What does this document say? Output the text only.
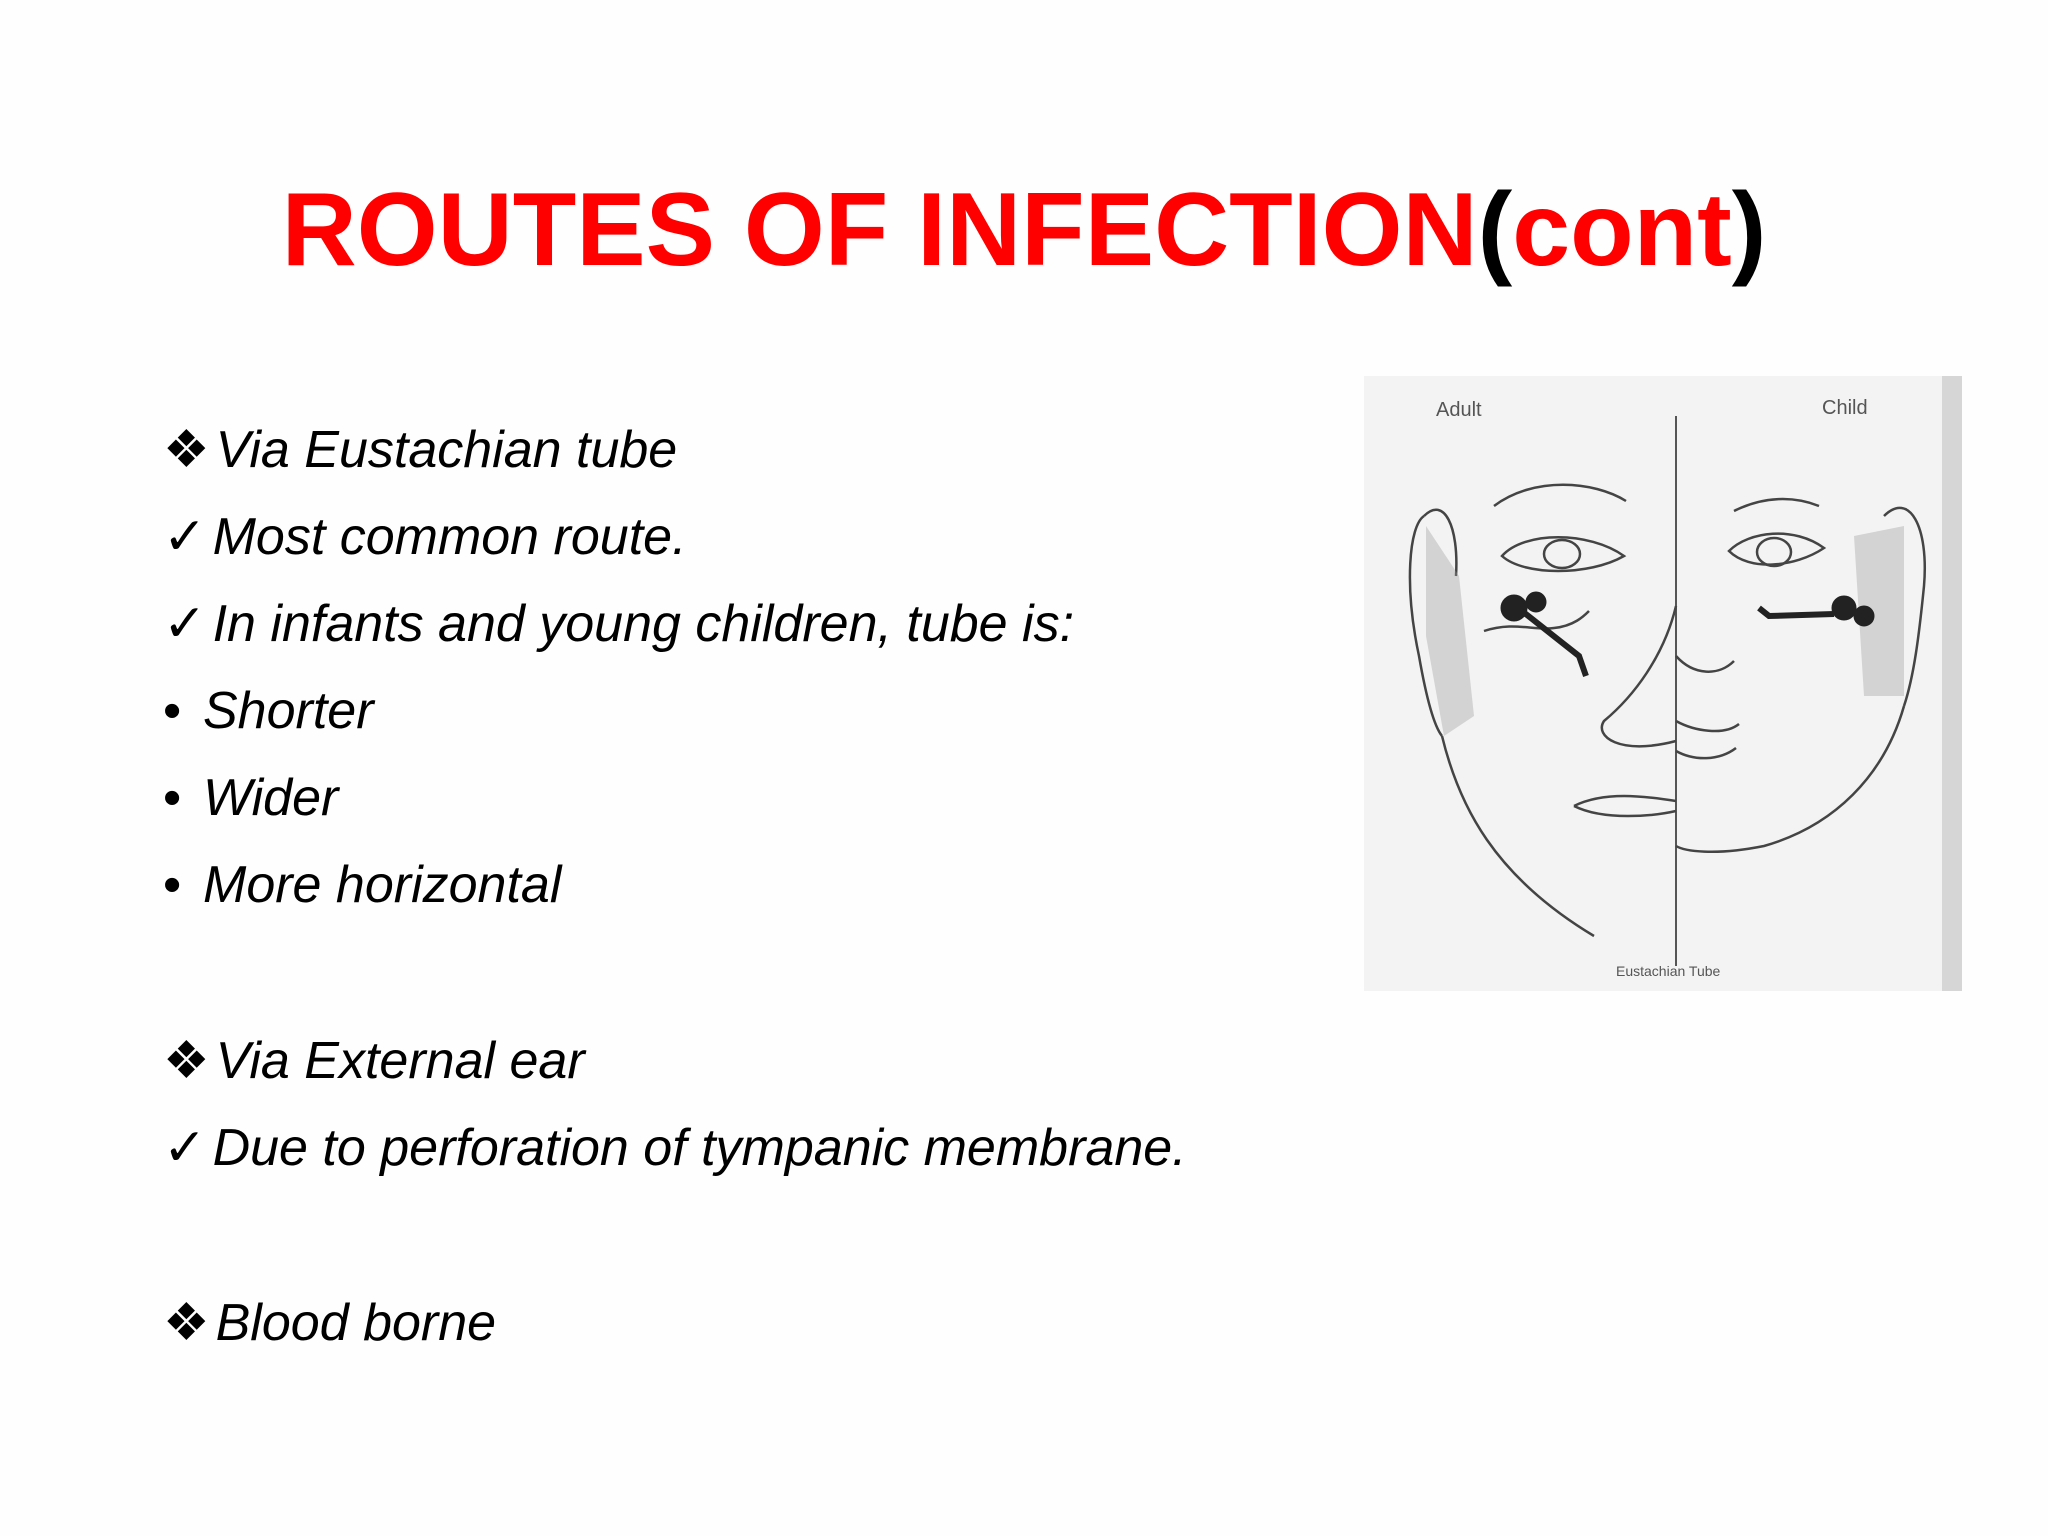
ROUTES OF INFECTION(cont)
❖ Via Eustachian tube
✓ Most common route.
✓ In infants and young children, tube is:
• Shorter
• Wider
• More horizontal
❖ Via External ear
✓ Due to perforation of tympanic membrane.
❖ Blood borne
Adult	Child
Eustachian Tube
